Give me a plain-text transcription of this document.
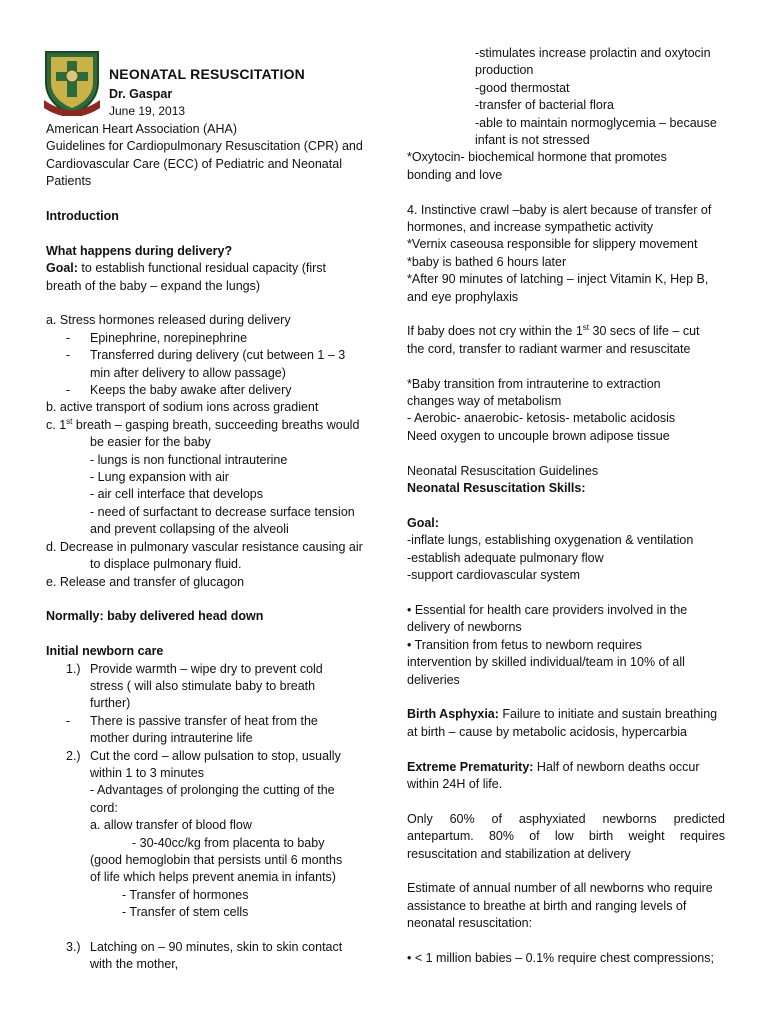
NEONATAL RESUSCITATION
Dr. Gaspar
June 19, 2013
American Heart Association (AHA)
Guidelines for Cardiopulmonary Resuscitation (CPR) and
Cardiovascular Care (ECC) of Pediatric and Neonatal
Patients
Introduction
What happens during delivery?
Goal: to establish functional residual capacity (first
breath of the baby – expand the lungs)
a. Stress hormones released during delivery
-	Epinephrine, norepinephrine
-	Transferred during delivery (cut between 1 – 3
min after delivery to allow passage)
-	Keeps the baby awake after delivery
b. active transport of sodium ions across gradient
c. 1st breath – gasping breath, succeeding breaths would
be easier for the baby
- lungs is non functional intrauterine
- Lung expansion with air
- air cell interface that develops
- need of surfactant to decrease surface tension
and prevent collapsing of the alveoli
d. Decrease in pulmonary vascular resistance causing air
to displace pulmonary fluid.
e. Release and transfer of glucagon
Normally: baby delivered head down
Initial newborn care
1.) Provide warmth – wipe dry to prevent cold
stress ( will also stimulate baby to breath
further)
-	There is passive transfer of heat from the
mother during intrauterine life
2.) Cut the cord – allow pulsation to stop, usually
within 1 to 3 minutes
- Advantages of prolonging the cutting of the
cord:
a. allow transfer of blood flow
- 30-40cc/kg from placenta to baby
(good hemoglobin that persists until 6 months
of life which helps prevent anemia in infants)
- Transfer of hormones
- Transfer of stem cells
3.) Latching on – 90 minutes, skin to skin contact
with the mother,
-stimulates increase prolactin and oxytocin
production
-good thermostat
-transfer of bacterial flora
-able to maintain normoglycemia – because
infant is not stressed
*Oxytocin- biochemical hormone that promotes
bonding and love
4. Instinctive crawl –baby is alert because of transfer of
hormones, and increase sympathetic activity
*Vernix caseousa responsible for slippery movement
*baby is bathed 6 hours later
*After 90 minutes of latching – inject Vitamin K, Hep B,
and eye prophylaxis
If baby does not cry within the 1st 30 secs of life – cut
the cord, transfer to radiant warmer and resuscitate
*Baby transition from intrauterine to extraction
changes way of metabolism
- Aerobic- anaerobic- ketosis- metabolic acidosis
Need oxygen to uncouple brown adipose tissue
Neonatal Resuscitation Guidelines
Neonatal Resuscitation Skills:
Goal:
-inflate lungs, establishing oxygenation & ventilation
-establish adequate pulmonary flow
-support cardiovascular system
• Essential for health care providers involved in the
delivery of newborns
• Transition from fetus to newborn requires
intervention by skilled individual/team in 10% of all
deliveries
Birth Asphyxia: Failure to initiate and sustain breathing
at birth – cause by metabolic acidosis, hypercarbia
Extreme Prematurity: Half of newborn deaths occur
within 24H of life.
Only 60% of asphyxiated newborns predicted antepartum. 80% of low birth weight requires resuscitation and stabilization at delivery
Estimate of annual number of all newborns who require
assistance to breathe at birth and ranging levels of
neonatal resuscitation:
• < 1 million babies – 0.1% require chest compressions;
